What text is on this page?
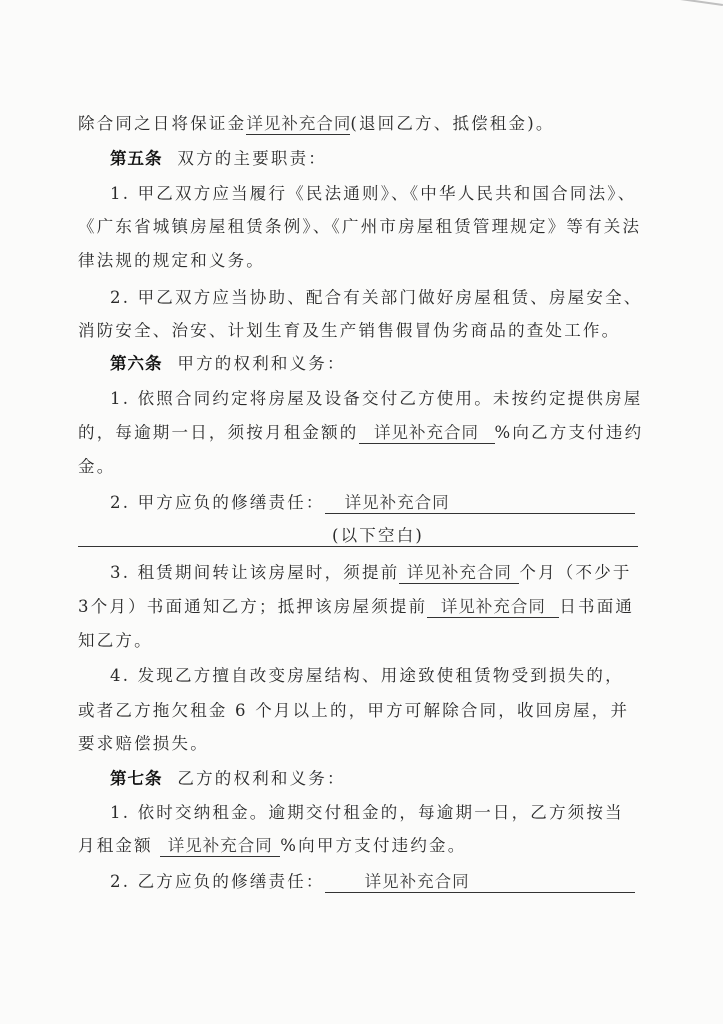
除合同之日将保证金详见补充合同(退回乙方、抵偿租金)。
第五条 双方的主要职责：
1. 甲乙双方应当履行《民法通则》、《中华人民共和国合同法》、
《广东省城镇房屋租赁条例》、《广州市房屋租赁管理规定》等有关法
律法规的规定和义务。
2. 甲乙双方应当协助、配合有关部门做好房屋租赁、房屋安全、
消防安全、治安、计划生育及生产销售假冒伪劣商品的查处工作。
第六条 甲方的权利和义务：
1. 依照合同约定将房屋及设备交付乙方使用。未按约定提供房屋
的，每逾期一日，须按月租金额的 详见补充合同 %向乙方支付违约
金。
2. 甲方应负的修缮责任： 详见补充合同
(以下空白)
3. 租赁期间转让该房屋时，须提前 详见补充合同 个月（不少于
3个月）书面通知乙方；抵押该房屋须提前 详见补充合同 日书面通
知乙方。
4. 发现乙方擅自改变房屋结构、用途致使租赁物受到损失的，
或者乙方拖欠租金 6 个月以上的，甲方可解除合同，收回房屋，并
要求赔偿损失。
第七条 乙方的权利和义务：
1. 依时交纳租金。逾期交付租金的，每逾期一日，乙方须按当
月租金额 详见补充合同 %向甲方支付违约金。
2. 乙方应负的修缮责任： 详见补充合同
